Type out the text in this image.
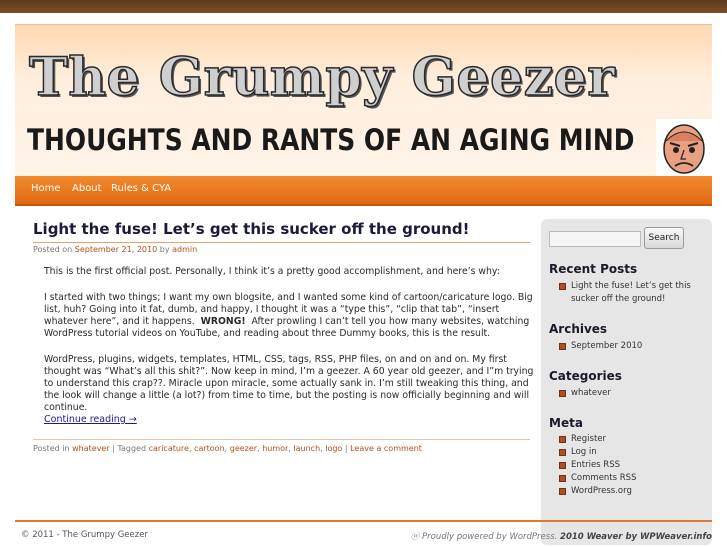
The Grumpy Geezer
THOUGHTS AND RANTS OF AN AGING MIND
Home About Rules & CYA
Light the fuse! Let’s get this sucker off the ground!
Posted on September 21, 2010 by admin

This is the first official post. Personally, I think it’s a pretty good accomplishment, and here’s why:

I started with two things; I want my own blogsite, and I wanted some kind of cartoon/caricature logo. Big list, huh? Going into it fat, dumb, and happy, I thought it was a “type this”, “clip that tab”, “insert whatever here”, and it happens. WRONG! After prowling I can’t tell you how many websites, watching WordPress tutorial videos on YouTube, and reading about three Dummy books, this is the result.

WordPress, plugins, widgets, templates, HTML, CSS, tags, RSS, PHP files, on and on and on. My first thought was “What’s all this shit?”. Now keep in mind, I’m a geezer. A 60 year old geezer, and I”m trying to understand this crap??. Miracle upon miracle, some actually sank in. I’m still tweaking this thing, and the look will change a little (a lot?) from time to time, but the posting is now officially beginning and will continue.

Continue reading →
Posted in whatever | Tagged caricature, cartoon, geezer, humor, launch, logo | Leave a comment
Search
Recent Posts
Light the fuse! Let’s get this sucker off the ground!
Archives
September 2010
Categories
whatever
Meta
Register
Log in
Entries RSS
Comments RSS
WordPress.org
© 2011 - The Grumpy Geezer	ⓦ Proudly powered by WordPress. 2010 Weaver by WPWeaver.info
